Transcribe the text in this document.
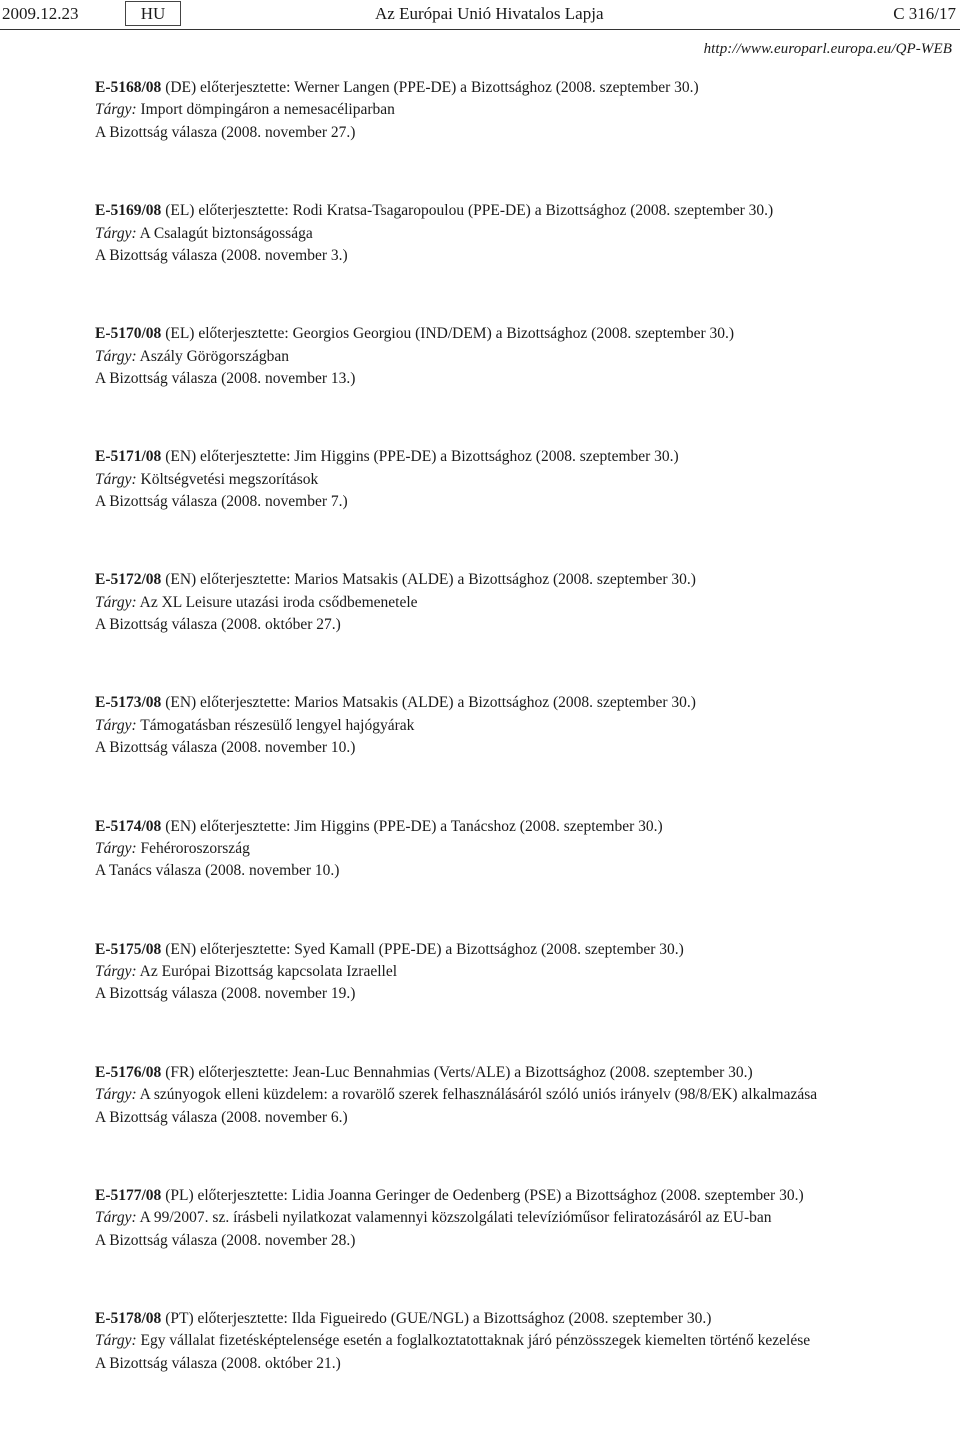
2009.12.23	HU	Az Európai Unió Hivatalos Lapja	C 316/17
http://www.europarl.europa.eu/QP-WEB
E-5168/08 (DE) előterjesztette: Werner Langen (PPE-DE) a Bizottsághoz (2008. szeptember 30.)
Tárgy: Import dömpingáron a nemesacéliparban
A Bizottság válasza (2008. november 27.)
E-5169/08 (EL) előterjesztette: Rodi Kratsa-Tsagaropoulou (PPE-DE) a Bizottsághoz (2008. szeptember 30.)
Tárgy: A Csalagút biztonságossága
A Bizottság válasza (2008. november 3.)
E-5170/08 (EL) előterjesztette: Georgios Georgiou (IND/DEM) a Bizottsághoz (2008. szeptember 30.)
Tárgy: Aszály Görögországban
A Bizottság válasza (2008. november 13.)
E-5171/08 (EN) előterjesztette: Jim Higgins (PPE-DE) a Bizottsághoz (2008. szeptember 30.)
Tárgy: Költségvetési megszorítások
A Bizottság válasza (2008. november 7.)
E-5172/08 (EN) előterjesztette: Marios Matsakis (ALDE) a Bizottsághoz (2008. szeptember 30.)
Tárgy: Az XL Leisure utazási iroda csődbemenetele
A Bizottság válasza (2008. október 27.)
E-5173/08 (EN) előterjesztette: Marios Matsakis (ALDE) a Bizottsághoz (2008. szeptember 30.)
Tárgy: Támogatásban részesülő lengyel hajógyárak
A Bizottság válasza (2008. november 10.)
E-5174/08 (EN) előterjesztette: Jim Higgins (PPE-DE) a Tanácshoz (2008. szeptember 30.)
Tárgy: Fehéroroszország
A Tanács válasza (2008. november 10.)
E-5175/08 (EN) előterjesztette: Syed Kamall (PPE-DE) a Bizottsághoz (2008. szeptember 30.)
Tárgy: Az Európai Bizottság kapcsolata Izraellel
A Bizottság válasza (2008. november 19.)
E-5176/08 (FR) előterjesztette: Jean-Luc Bennahmias (Verts/ALE) a Bizottsághoz (2008. szeptember 30.)
Tárgy: A szúnyogok elleni küzdelem: a rovarölő szerek felhasználásáról szóló uniós irányelv (98/8/EK) alkalmazása
A Bizottság válasza (2008. november 6.)
E-5177/08 (PL) előterjesztette: Lidia Joanna Geringer de Oedenberg (PSE) a Bizottsághoz (2008. szeptember 30.)
Tárgy: A 99/2007. sz. írásbeli nyilatkozat valamennyi közszolgálati televízióműsor feliratozásáról az EU-ban
A Bizottság válasza (2008. november 28.)
E-5178/08 (PT) előterjesztette: Ilda Figueiredo (GUE/NGL) a Bizottsághoz (2008. szeptember 30.)
Tárgy: Egy vállalat fizetésképtelensége esetén a foglalkoztatottaknak járó pénzösszegek kiemelten történő kezelése
A Bizottság válasza (2008. október 21.)
